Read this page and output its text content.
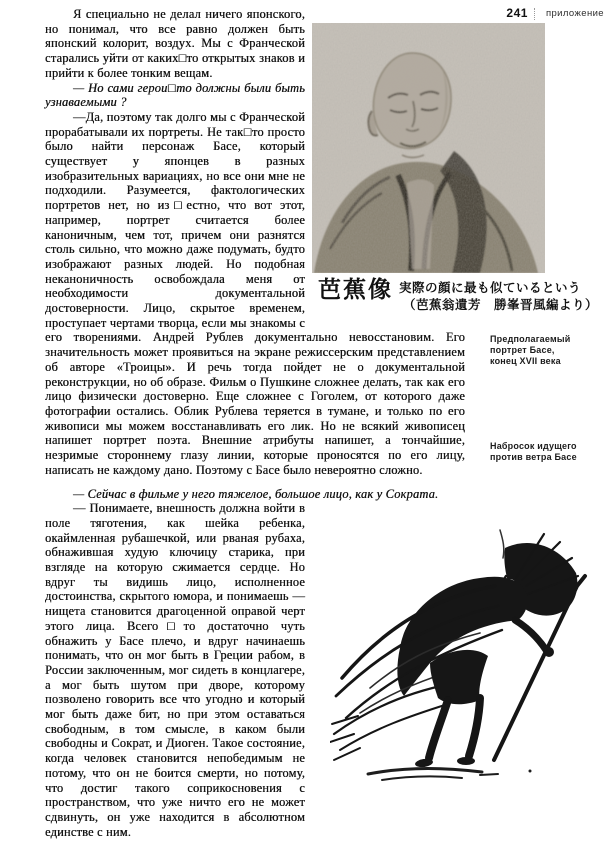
241 приложение
芭蕉像 実際の顔に最も似ているという
（芭蕉翁遺芳　勝峯晋風編より）

Я специально не делал ничего японского, но понимал, что все равно должен быть японский колорит, воздух. Мы с Франческой старались уйти от каких□то открытых знаков и прийти к более тонким вещам.

— Но сами герои□то должны были быть узнаваемыми ?

—Да, поэтому так долго мы с Франческой прорабатывали их портреты. Не так□то просто было найти персонаж Басе, который существует у японцев в разных изобразительных вариациях, но все они мне не подходили. Разумеется, фактологических портретов нет, но из□естно, что вот этот, например, портрет считается более каноничным, чем тот, причем они разнятся столь сильно, что можно даже подумать, будто изображают разных людей. Но подобная неканоничность освобождала меня от необходимости документальной достоверности. Лицо, скрытое временем, проступает чертами творца, если мы знакомы с его творениями. Андрей Рублев документально невосстановим. Его значительность может проявиться на экране режиссерским представлением об авторе «Троицы». И речь тогда пойдет не о документальной реконструкции, но об образе. Фильм о Пушкине сложнее делать, так как его лицо физически достоверно. Еще сложнее с Гоголем, от которого даже фотографии остались. Облик Рублева теряется в тумане, и только по его живописи мы можем восстанавливать его лик. Но не всякий живописец напишет портрет поэта. Внешние атрибуты напишет, а тончайшие, незримые стороннему глазу линии, которые проносятся по его лицу, написать не каждому дано. Поэтому с Басе было невероятно сложно.

— Сейчас в фильме у него тяжелое, большое лицо, как у Сократа.

— Понимаете, внешность должна войти в поле тяготения, как шейка ребенка, окаймленная рубашечкой, или рваная рубаха, обнажившая худую ключицу старика, при взгляде на которую сжимается сердце. Но вдруг ты видишь лицо, исполненное достоинства, скрытого юмора, и понимаешь — нищета становится драгоценной оправой черт этого лица. Всего□то достаточно чуть обнажить у Басе плечо, и вдруг начинаешь понимать, что он мог быть в Греции рабом, в России заключенным, мог сидеть в концлагере, а мог быть шутом при дворе, которому позволено говорить все что угодно и который мог быть даже бит, но при этом оставаться свободным, в том смысле, в каком были свободны и Сократ, и Диоген. Такое состояние, когда человек становится непобедимым не потому, что он не боится смерти, но потому, что достиг такого соприкосновения с пространством, что уже ничто его не может сдвинуть, он уже находится в абсолютном единстве с ним.

Предполагаемый портрет Басе, конец XVII века
Набросок идущего против ветра Басе
